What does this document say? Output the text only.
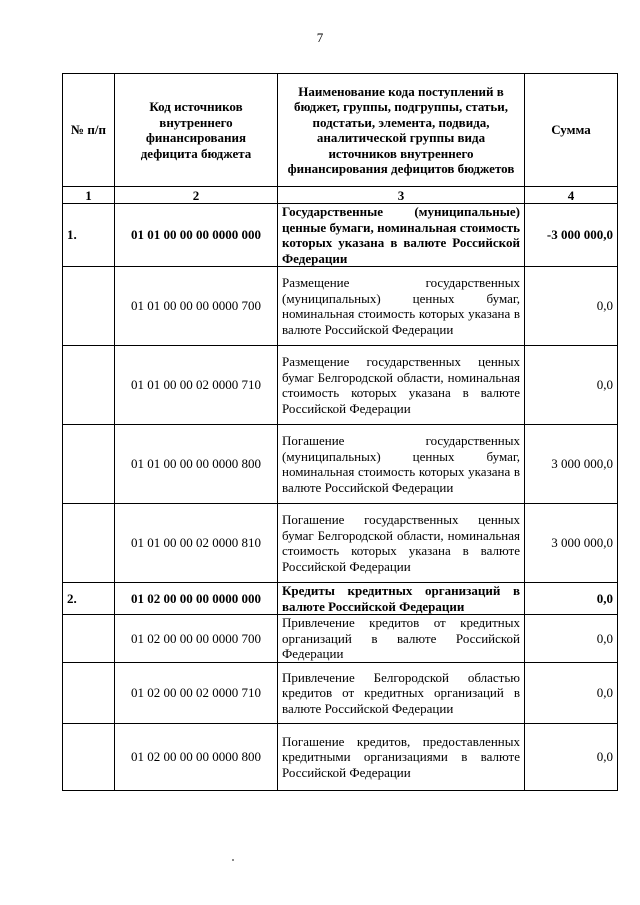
7
№ п/п	Код источников внутреннего финансирования дефицита бюджета	Наименование кода поступлений в бюджет, группы, подгруппы, статьи, подстатьи, элемента, подвида, аналитической группы вида источников внутреннего финансирования дефицитов бюджетов	Сумма
1	2	3	4
1.	01 01 00 00 00 0000 000	Государственные (муниципальные) ценные бумаги, номинальная стоимость которых указана в валюте Российской Федерации	-3 000 000,0
	01 01 00 00 00 0000 700	Размещение государственных (муниципальных) ценных бумаг, номинальная стоимость которых указана в валюте Российской Федерации	0,0
	01 01 00 00 02 0000 710	Размещение государственных ценных бумаг Белгородской области, номинальная стоимость которых указана в валюте Российской Федерации	0,0
	01 01 00 00 00 0000 800	Погашение государственных (муниципальных) ценных бумаг, номинальная стоимость которых указана в валюте Российской Федерации	3 000 000,0
	01 01 00 00 02 0000 810	Погашение государственных ценных бумаг Белгородской области, номинальная стоимость которых указана в валюте Российской Федерации	3 000 000,0
2.	01 02 00 00 00 0000 000	Кредиты кредитных организаций в валюте Российской Федерации	0,0
	01 02 00 00 00 0000 700	Привлечение кредитов от кредитных организаций в валюте Российской Федерации	0,0
	01 02 00 00 02 0000 710	Привлечение Белгородской областью кредитов от кредитных организаций в валюте Российской Федерации	0,0
	01 02 00 00 00 0000 800	Погашение кредитов, предоставленных кредитными организациями в валюте Российской Федерации	0,0
